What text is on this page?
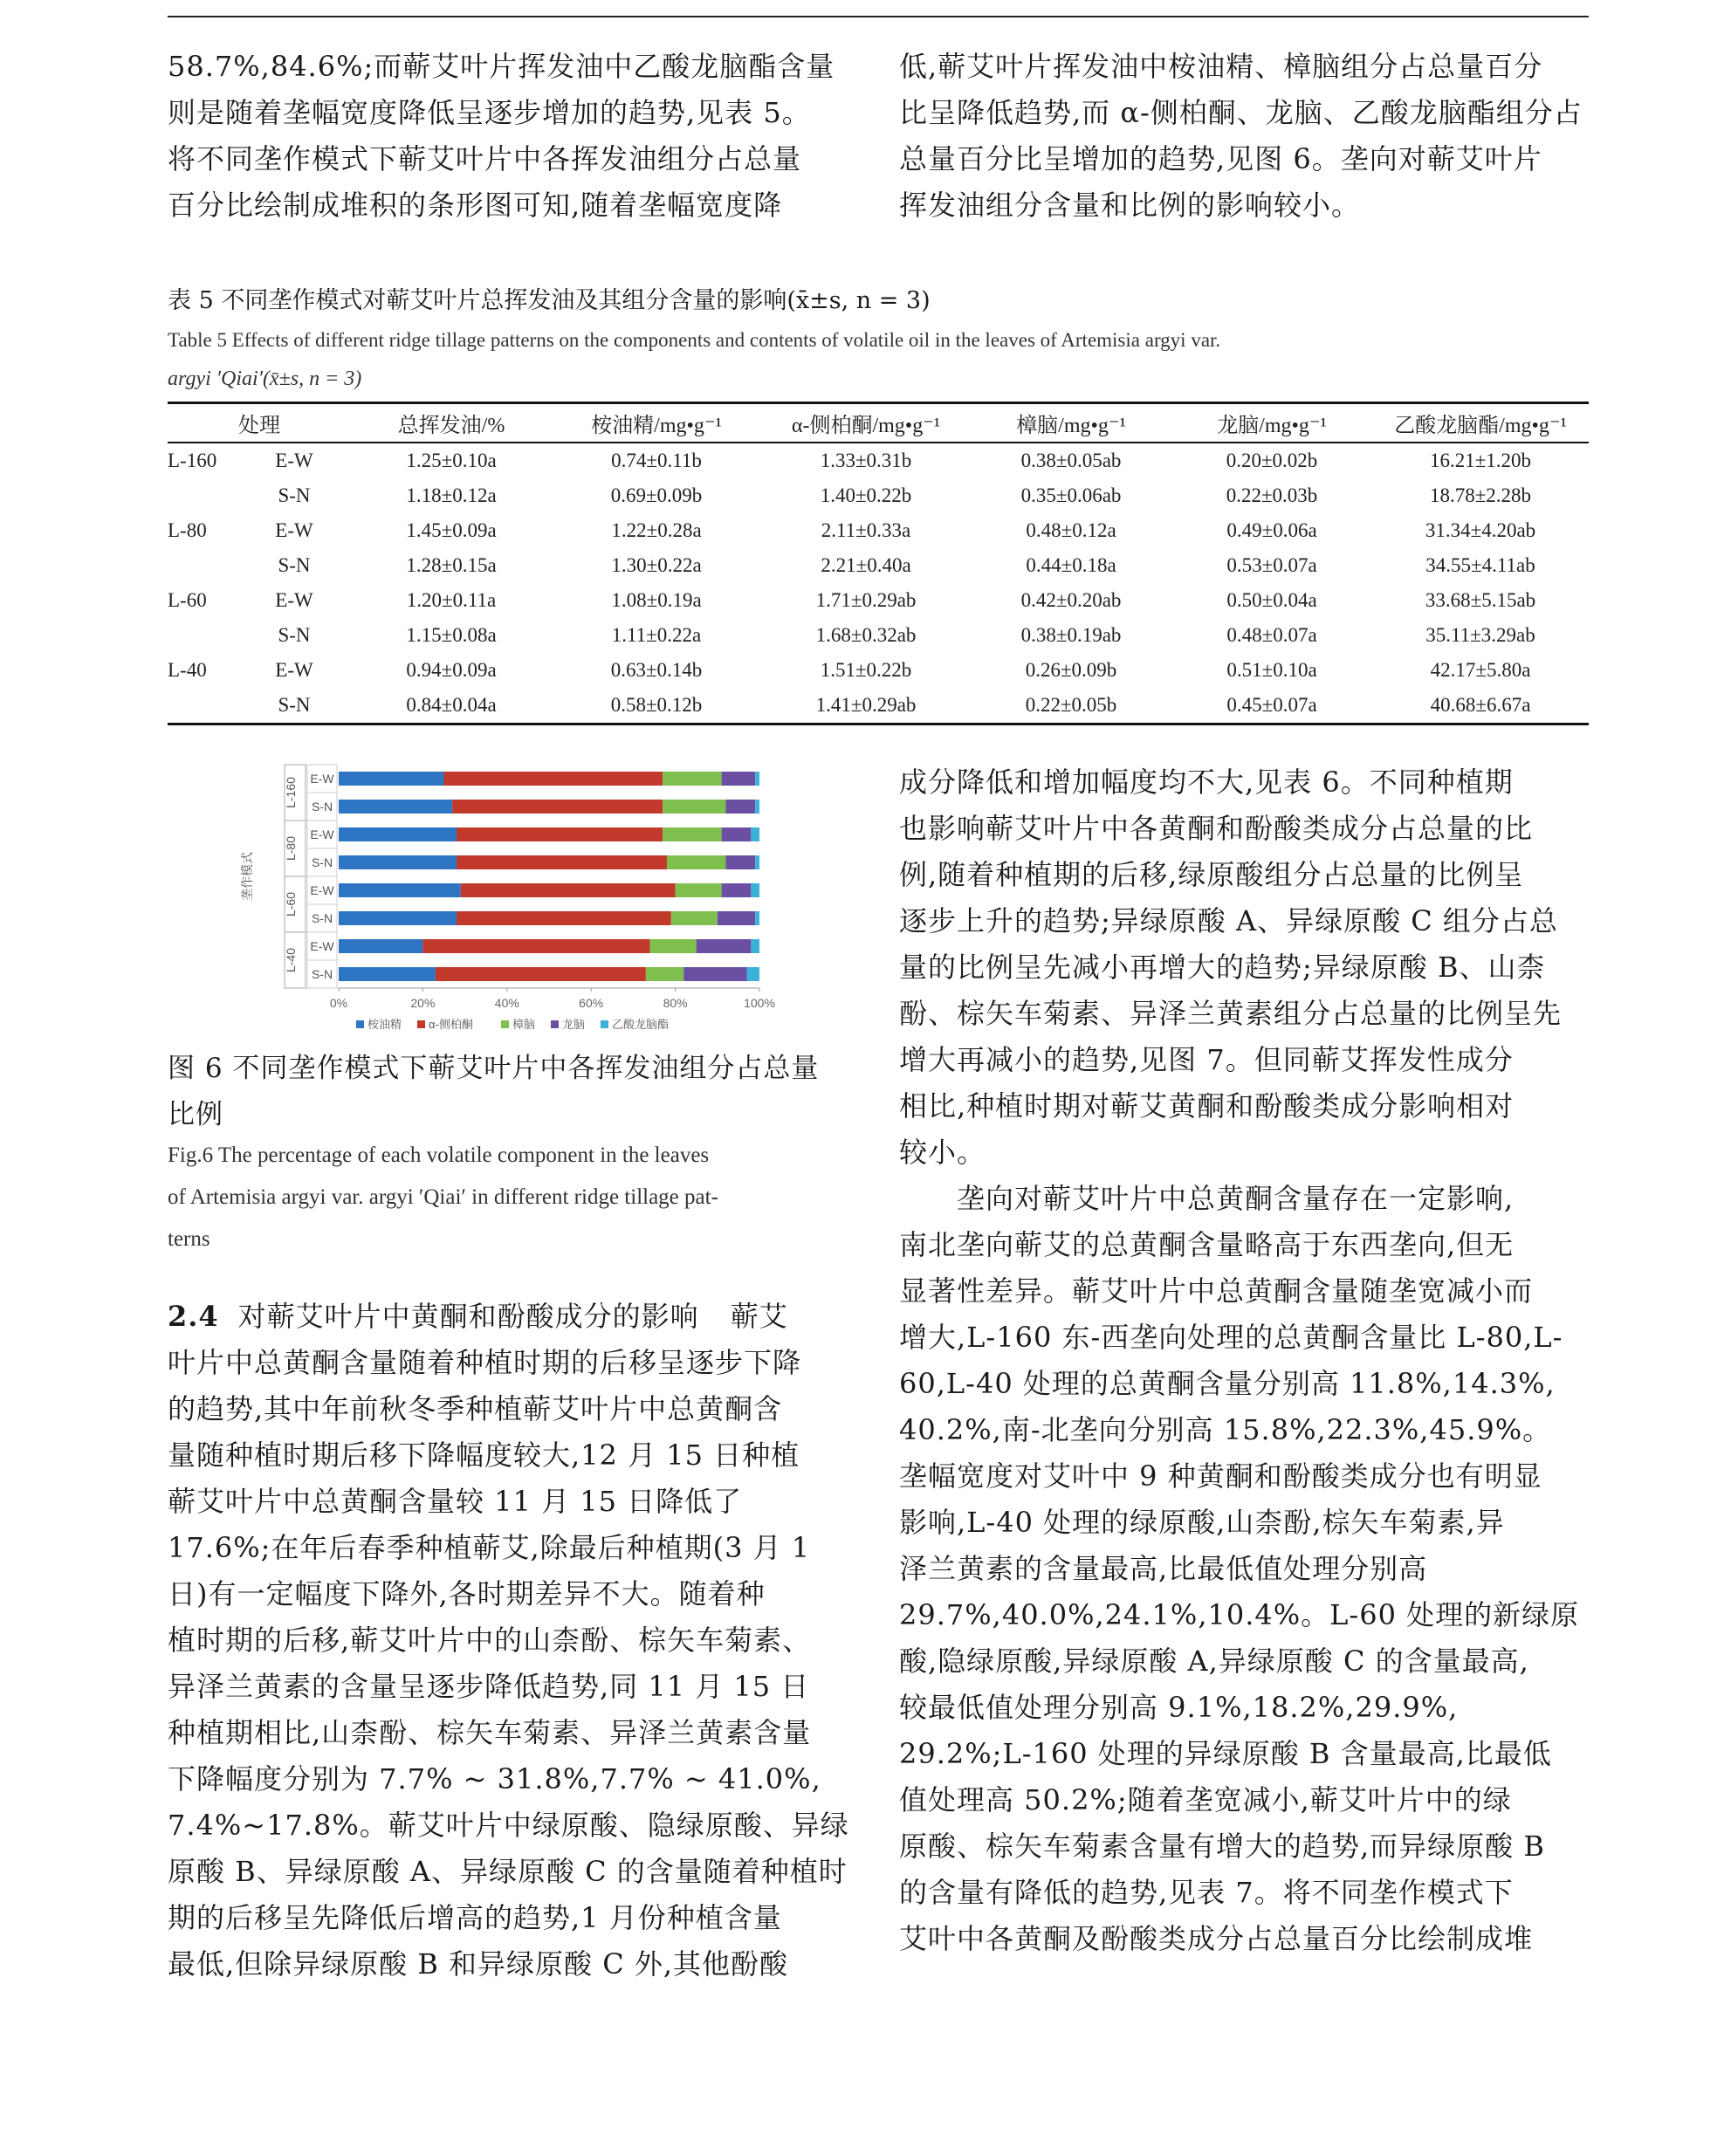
58.7%,84.6%;而蕲艾叶片挥发油中乙酸龙脑酯含量

则是随着垄幅宽度降低呈逐步增加的趋势,见表 5。

将不同垄作模式下蕲艾叶片中各挥发油组分占总量

百分比绘制成堆积的条形图可知,随着垄幅宽度降

低,蕲艾叶片挥发油中桉油精、樟脑组分占总量百分

比呈降低趋势,而 α-侧柏酮、龙脑、乙酸龙脑酯组分占

总量百分比呈增加的趋势,见图 6。垄向对蕲艾叶片

挥发油组分含量和比例的影响较小。

表 5 不同垄作模式对蕲艾叶片总挥发油及其组分含量的影响(x̄±s, n = 3)
Table 5 Effects of different ridge tillage patterns on the components and contents of volatile oil in the leaves of Artemisia argyi var.
argyi ′Qiai′(x̄±s, n = 3)
处理		总挥发油/%	桉油精/mg•g⁻¹	α-侧柏酮/mg•g⁻¹	樟脑/mg•g⁻¹	龙脑/mg•g⁻¹	乙酸龙脑酯/mg•g⁻¹
L-160	E-W	1.25±0.10a	0.74±0.11b	1.33±0.31b	0.38±0.05ab	0.20±0.02b	16.21±1.20b
	S-N	1.18±0.12a	0.69±0.09b	1.40±0.22b	0.35±0.06ab	0.22±0.03b	18.78±2.28b
L-80	E-W	1.45±0.09a	1.22±0.28a	2.11±0.33a	0.48±0.12a	0.49±0.06a	31.34±4.20ab
	S-N	1.28±0.15a	1.30±0.22a	2.21±0.40a	0.44±0.18a	0.53±0.07a	34.55±4.11ab
L-60	E-W	1.20±0.11a	1.08±0.19a	1.71±0.29ab	0.42±0.20ab	0.50±0.04a	33.68±5.15ab
	S-N	1.15±0.08a	1.11±0.22a	1.68±0.32ab	0.38±0.19ab	0.48±0.07a	35.11±3.29ab
L-40	E-W	0.94±0.09a	0.63±0.14b	1.51±0.22b	0.26±0.09b	0.51±0.10a	42.17±5.80a
	S-N	0.84±0.04a	0.58±0.12b	1.41±0.29ab	0.22±0.05b	0.45±0.07a	40.68±6.67a
L-160
L-80
L-60
L-40
垄作模式
E-W
S-N
E-W
S-N
E-W
S-N
E-W
S-N
0%	20%	40%	60%	80%	100%
桉油精 α-侧柏酮	樟脑 龙脑 乙酸龙脑酯

图 6 不同垄作模式下蕲艾叶片中各挥发油组分占总量

比例

Fig.6 The percentage of each volatile component in the leaves
of Artemisia argyi var. argyi ′Qiai′ in different ridge tillage pat-
terns

2.4 对蕲艾叶片中黄酮和酚酸成分的影响 蕲艾

叶片中总黄酮含量随着种植时期的后移呈逐步下降

的趋势,其中年前秋冬季种植蕲艾叶片中总黄酮含

量随种植时期后移下降幅度较大,12 月 15 日种植

蕲艾叶片中总黄酮含量较 11 月 15 日降低了

17.6%;在年后春季种植蕲艾,除最后种植期(3 月 1

日)有一定幅度下降外,各时期差异不大。随着种

植时期的后移,蕲艾叶片中的山柰酚、棕矢车菊素、

异泽兰黄素的含量呈逐步降低趋势,同 11 月 15 日

种植期相比,山柰酚、棕矢车菊素、异泽兰黄素含量

下降幅度分别为 7.7% ~ 31.8%,7.7% ~ 41.0%,

7.4%~17.8%。蕲艾叶片中绿原酸、隐绿原酸、异绿

原酸 B、异绿原酸 A、异绿原酸 C 的含量随着种植时

期的后移呈先降低后增高的趋势,1 月份种植含量

最低,但除异绿原酸 B 和异绿原酸 C 外,其他酚酸

成分降低和增加幅度均不大,见表 6。不同种植期

也影响蕲艾叶片中各黄酮和酚酸类成分占总量的比

例,随着种植期的后移,绿原酸组分占总量的比例呈

逐步上升的趋势;异绿原酸 A、异绿原酸 C 组分占总

量的比例呈先减小再增大的趋势;异绿原酸 B、山柰

酚、棕矢车菊素、异泽兰黄素组分占总量的比例呈先

增大再减小的趋势,见图 7。但同蕲艾挥发性成分

相比,种植时期对蕲艾黄酮和酚酸类成分影响相对

较小。

　　垄向对蕲艾叶片中总黄酮含量存在一定影响,

南北垄向蕲艾的总黄酮含量略高于东西垄向,但无

显著性差异。蕲艾叶片中总黄酮含量随垄宽减小而

增大,L-160 东-西垄向处理的总黄酮含量比 L-80,L-

60,L-40 处理的总黄酮含量分别高 11.8%,14.3%,

40.2%,南-北垄向分别高 15.8%,22.3%,45.9%。

垄幅宽度对艾叶中 9 种黄酮和酚酸类成分也有明显

影响,L-40 处理的绿原酸,山柰酚,棕矢车菊素,异

泽兰黄素的含量最高,比最低值处理分别高

29.7%,40.0%,24.1%,10.4%。L-60 处理的新绿原

酸,隐绿原酸,异绿原酸 A,异绿原酸 C 的含量最高,

较最低值处理分别高 9.1%,18.2%,29.9%,

29.2%;L-160 处理的异绿原酸 B 含量最高,比最低

值处理高 50.2%;随着垄宽减小,蕲艾叶片中的绿

原酸、棕矢车菊素含量有增大的趋势,而异绿原酸 B

的含量有降低的趋势,见表 7。将不同垄作模式下

艾叶中各黄酮及酚酸类成分占总量百分比绘制成堆
